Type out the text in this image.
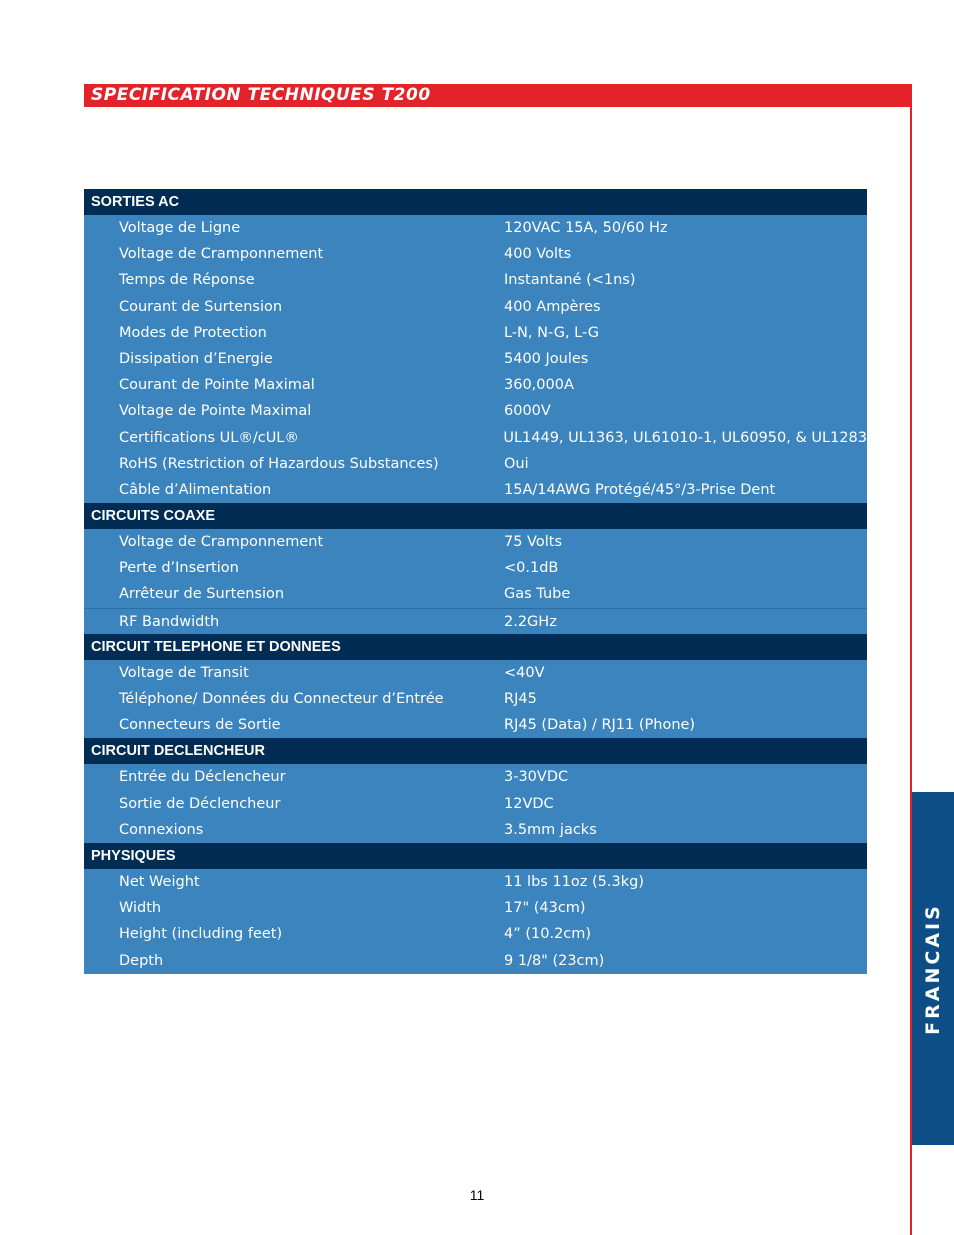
SPECIFICATION TECHNIQUES T200
FRANCAIS
SORTIES AC
Voltage de Ligne	120VAC 15A, 50/60 Hz
Voltage de Cramponnement	400 Volts
Temps de Réponse	Instantané (<1ns)
Courant de Surtension	400 Ampères
Modes de Protection	L-N, N-G, L-G
Dissipation d’Energie	5400 Joules
Courant de Pointe Maximal	360,000A
Voltage de Pointe Maximal	6000V
Certifications UL®/cUL®	UL1449, UL1363, UL61010-1, UL60950, & UL1283
RoHS (Restriction of Hazardous Substances)	Oui
Câble d’Alimentation	15A/14AWG Protégé/45°/3-Prise Dent
CIRCUITS COAXE
Voltage de Cramponnement	75 Volts
Perte d’Insertion	<0.1dB
Arrêteur de Surtension	Gas Tube
RF Bandwidth	2.2GHz
CIRCUIT TELEPHONE ET DONNEES
Voltage de Transit	<40V
Téléphone/ Données du Connecteur d’Entrée	RJ45
Connecteurs de Sortie	RJ45 (Data) / RJ11 (Phone)
CIRCUIT DECLENCHEUR
Entrée du Déclencheur	3-30VDC
Sortie de Déclencheur	12VDC
Connexions	3.5mm jacks
PHYSIQUES
Net Weight	11 lbs 11oz (5.3kg)
Width	17" (43cm)
Height (including feet)	4” (10.2cm)
Depth	9 1/8" (23cm)
11
